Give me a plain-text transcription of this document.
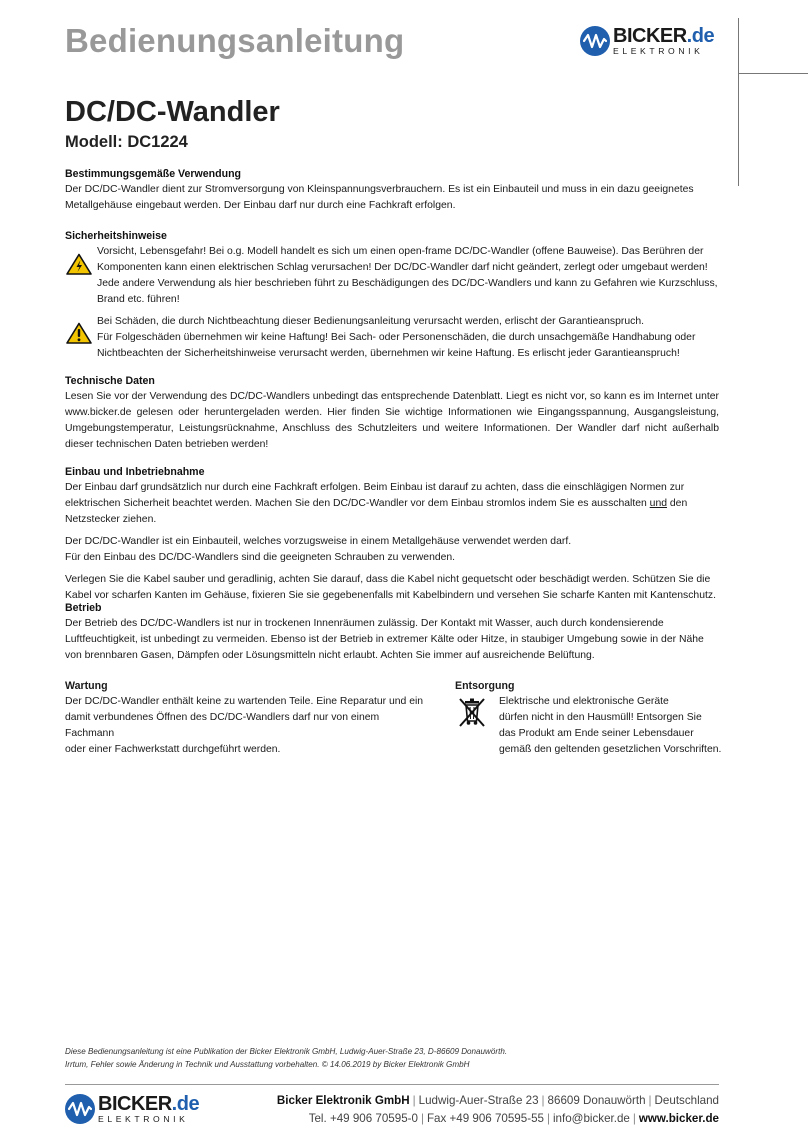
Bedienungsanleitung	BICKER.de
ELEKTRONIK
DC/DC-Wandler
Modell: DC1224
Bestimmungsgemäße Verwendung

Der DC/DC-Wandler dient zur Stromversorgung von Kleinspannungsverbrauchern. Es ist ein Einbauteil und muss in ein dazu geeignetes Metallgehäuse eingebaut werden. Der Einbau darf nur durch eine Fachkraft erfolgen.

Sicherheitshinweise

Vorsicht, Lebensgefahr! Bei o.g. Modell handelt es sich um einen open-frame DC/DC-Wandler (offene Bauweise). Das Berühren der Komponenten kann einen elektrischen Schlag verursachen! Der DC/DC-Wandler darf nicht geändert, zerlegt oder umgebaut werden! Jede andere Verwendung als hier beschrieben führt zu Beschädigungen des DC/DC-Wandlers und kann zu Gefahren wie Kurzschluss, Brand etc. führen!

Bei Schäden, die durch Nichtbeachtung dieser Bedienungsanleitung verursacht werden, erlischt der Garantieanspruch.

Für Folgeschäden übernehmen wir keine Haftung! Bei Sach- oder Personenschäden, die durch unsachgemäße Handhabung oder Nichtbeachten der Sicherheitshinweise verursacht werden, übernehmen wir keine Haftung. Es erlischt jeder Garantieanspruch!

Technische Daten

Lesen Sie vor der Verwendung des DC/DC-Wandlers unbedingt das entsprechende Datenblatt. Liegt es nicht vor, so kann es im Internet unter www.bicker.de gelesen oder heruntergeladen werden. Hier finden Sie wichtige Informationen wie Eingangsspannung, Ausgangsleistung, Umgebungstemperatur, Leistungsrücknahme, Anschluss des Schutzleiters und weitere Informationen. Der Wandler darf nicht außerhalb dieser technischen Daten betrieben werden!

Einbau und Inbetriebnahme

Der Einbau darf grundsätzlich nur durch eine Fachkraft erfolgen. Beim Einbau ist darauf zu achten, dass die einschlägigen Normen zur elektrischen Sicherheit beachtet werden. Machen Sie den DC/DC-Wandler vor dem Einbau stromlos indem Sie es ausschalten und den Netzstecker ziehen.

Der DC/DC-Wandler ist ein Einbauteil, welches vorzugsweise in einem Metallgehäuse verwendet werden darf.

Für den Einbau des DC/DC-Wandlers sind die geeigneten Schrauben zu verwenden.

Verlegen Sie die Kabel sauber und geradlinig, achten Sie darauf, dass die Kabel nicht gequetscht oder beschädigt werden. Schützen Sie die Kabel vor scharfen Kanten im Gehäuse, fixieren Sie sie gegebenenfalls mit Kabelbindern und versehen Sie scharfe Kanten mit Kantenschutz.

Betrieb

Der Betrieb des DC/DC-Wandlers ist nur in trockenen Innenräumen zulässig. Der Kontakt mit Wasser, auch durch kondensierende Luftfeuchtigkeit, ist unbedingt zu vermeiden. Ebenso ist der Betrieb in extremer Kälte oder Hitze, in staubiger Umgebung sowie in der Nähe von brennbaren Gasen, Dämpfen oder Lösungsmitteln nicht erlaubt. Achten Sie immer auf ausreichende Belüftung.

Wartung

Der DC/DC-Wandler enthält keine zu wartenden Teile. Eine Reparatur und ein

damit verbundenes Öffnen des DC/DC-Wandlers darf nur von einem Fachmann

oder einer Fachwerkstatt durchgeführt werden.

Entsorgung

Elektrische und elektronische Geräte

dürfen nicht in den Hausmüll! Entsorgen Sie

das Produkt am Ende seiner Lebensdauer

gemäß den geltenden gesetzlichen Vorschriften.

Diese Bedienungsanleitung ist eine Publikation der Bicker Elektronik GmbH, Ludwig-Auer-Straße 23, D-86609 Donauwörth.

Irrtum, Fehler sowie Änderung in Technik und Ausstattung vorbehalten. © 14.06.2019 by Bicker Elektronik GmbH

BICKER.de
ELEKTRONIK
Bicker Elektronik GmbH | Ludwig-Auer-Straße 23 | 86609 Donauwörth | Deutschland
Tel. +49 906 70595-0 | Fax +49 906 70595-55 | info@bicker.de | www.bicker.de
